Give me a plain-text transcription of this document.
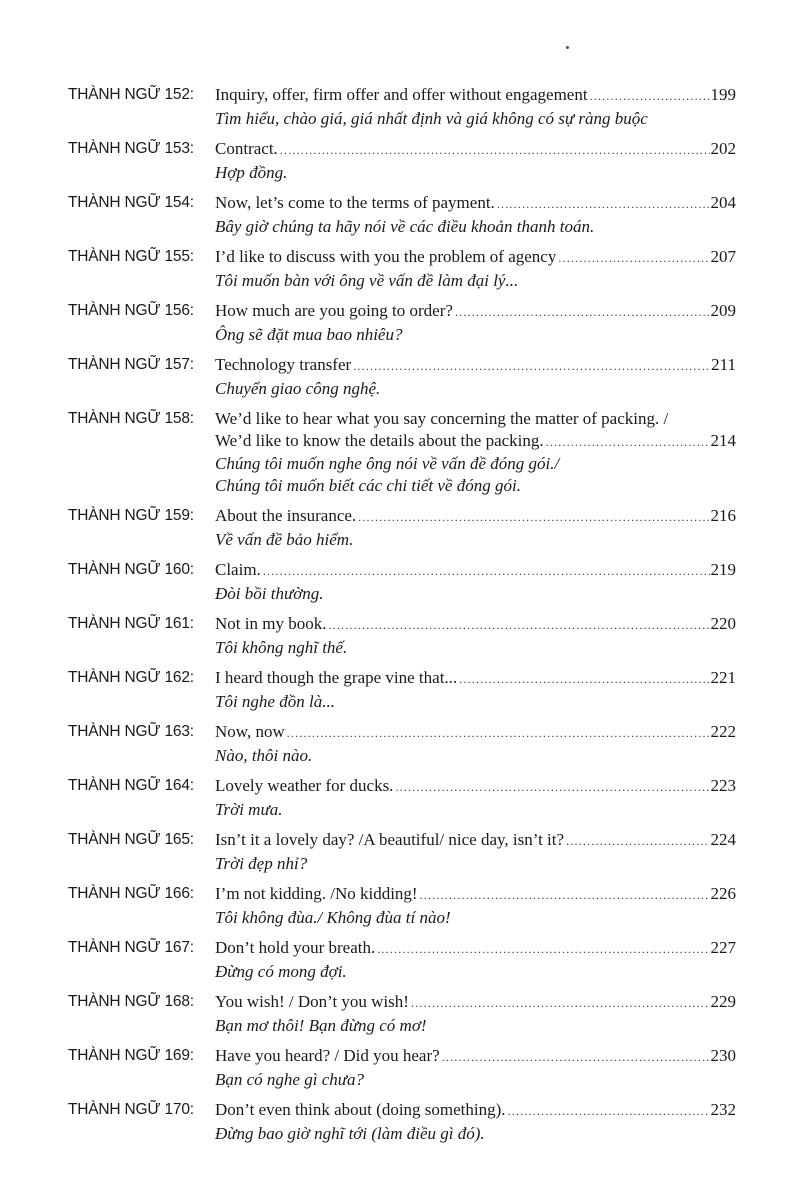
THÀNH NGỮ 152: Inquiry, offer, firm offer and offer without engagement .....	199
Tìm hiểu, chào giá, giá nhất định và giá không có sự ràng buộc
THÀNH NGỮ 153: Contract. .....	202
Hợp đồng.
THÀNH NGỮ 154: Now, let’s come to the terms of payment. .....	204
Bây giờ chúng ta hãy nói về các điều khoản thanh toán.
THÀNH NGỮ 155: I’d like to discuss with you the problem of agency .....	207
Tôi muốn bàn với ông về vấn đề làm đại lý...
THÀNH NGỮ 156: How much are you going to order? .....	209
Ông sẽ đặt mua bao nhiêu?
THÀNH NGỮ 157: Technology transfer .....	211
Chuyển giao công nghệ.
THÀNH NGỮ 158: We’d like to hear what you say concerning the matter of packing. /
We’d like to know the details about the packing. .....	214
Chúng tôi muốn nghe ông nói về vấn đề đóng gói./
Chúng tôi muốn biết các chi tiết về đóng gói.
THÀNH NGỮ 159: About the insurance. .....	216
Về vấn đề bảo hiểm.
THÀNH NGỮ 160: Claim. .....	219
Đòi bồi thường.
THÀNH NGỮ 161: Not in my book. .....	220
Tôi không nghĩ thế.
THÀNH NGỮ 162: I heard though the grape vine that... .....	221
Tôi nghe đồn là...
THÀNH NGỮ 163: Now, now .....	222
Nào, thôi nào.
THÀNH NGỮ 164: Lovely weather for ducks. .....	223
Trời mưa.
THÀNH NGỮ 165: Isn’t it a lovely day? /A beautiful/ nice day, isn’t it? .....	224
Trời đẹp nhỉ?
THÀNH NGỮ 166: I’m not kidding. /No kidding! .....	226
Tôi không đùa./ Không đùa tí nào!
THÀNH NGỮ 167: Don’t hold your breath. .....	227
Đừng có mong đợi.
THÀNH NGỮ 168: You wish! / Don’t you wish! .....	229
Bạn mơ thôi! Bạn đừng có mơ!
THÀNH NGỮ 169: Have you heard? / Did you hear? .....	230
Bạn có nghe gì chưa?
THÀNH NGỮ 170: Don’t even think about (doing something). .....	232
Đừng bao giờ nghĩ tới (làm điều gì đó).
